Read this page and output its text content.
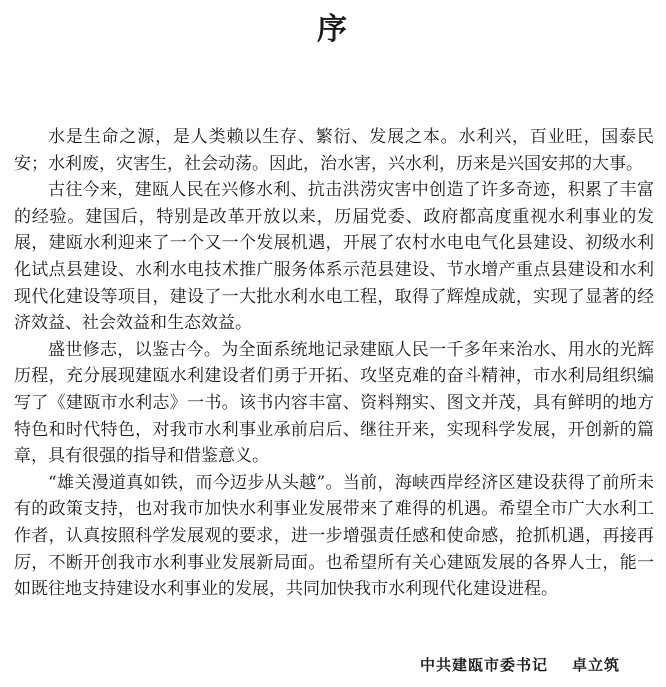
序

水是生命之源，是人类赖以生存、繁衍、发展之本。水利兴，百业旺，国泰民安；水利废，灾害生，社会动荡。因此，治水害，兴水利，历来是兴国安邦的大事。

古往今来，建瓯人民在兴修水利、抗击洪涝灾害中创造了许多奇迹，积累了丰富的经验。建国后，特别是改革开放以来，历届党委、政府都高度重视水利事业的发展，建瓯水利迎来了一个又一个发展机遇，开展了农村水电电气化县建设、初级水利化试点县建设、水利水电技术推广服务体系示范县建设、节水增产重点县建设和水利现代化建设等项目，建设了一大批水利水电工程，取得了辉煌成就，实现了显著的经济效益、社会效益和生态效益。

盛世修志，以鉴古今。为全面系统地记录建瓯人民一千多年来治水、用水的光辉历程，充分展现建瓯水利建设者们勇于开拓、攻坚克难的奋斗精神，市水利局组织编写了《建瓯市水利志》一书。该书内容丰富、资料翔实、图文并茂，具有鲜明的地方特色和时代特色，对我市水利事业承前启后、继往开来，实现科学发展，开创新的篇章，具有很强的指导和借鉴意义。

“雄关漫道真如铁，而今迈步从头越”。当前，海峡西岸经济区建设获得了前所未有的政策支持，也对我市加快水利事业发展带来了难得的机遇。希望全市广大水利工作者，认真按照科学发展观的要求，进一步增强责任感和使命感，抢抓机遇，再接再厉，不断开创我市水利事业发展新局面。也希望所有关心建瓯发展的各界人士，能一如既往地支持建设水利事业的发展，共同加快我市水利现代化建设进程。

中共建瓯市委书记 卓立筑
